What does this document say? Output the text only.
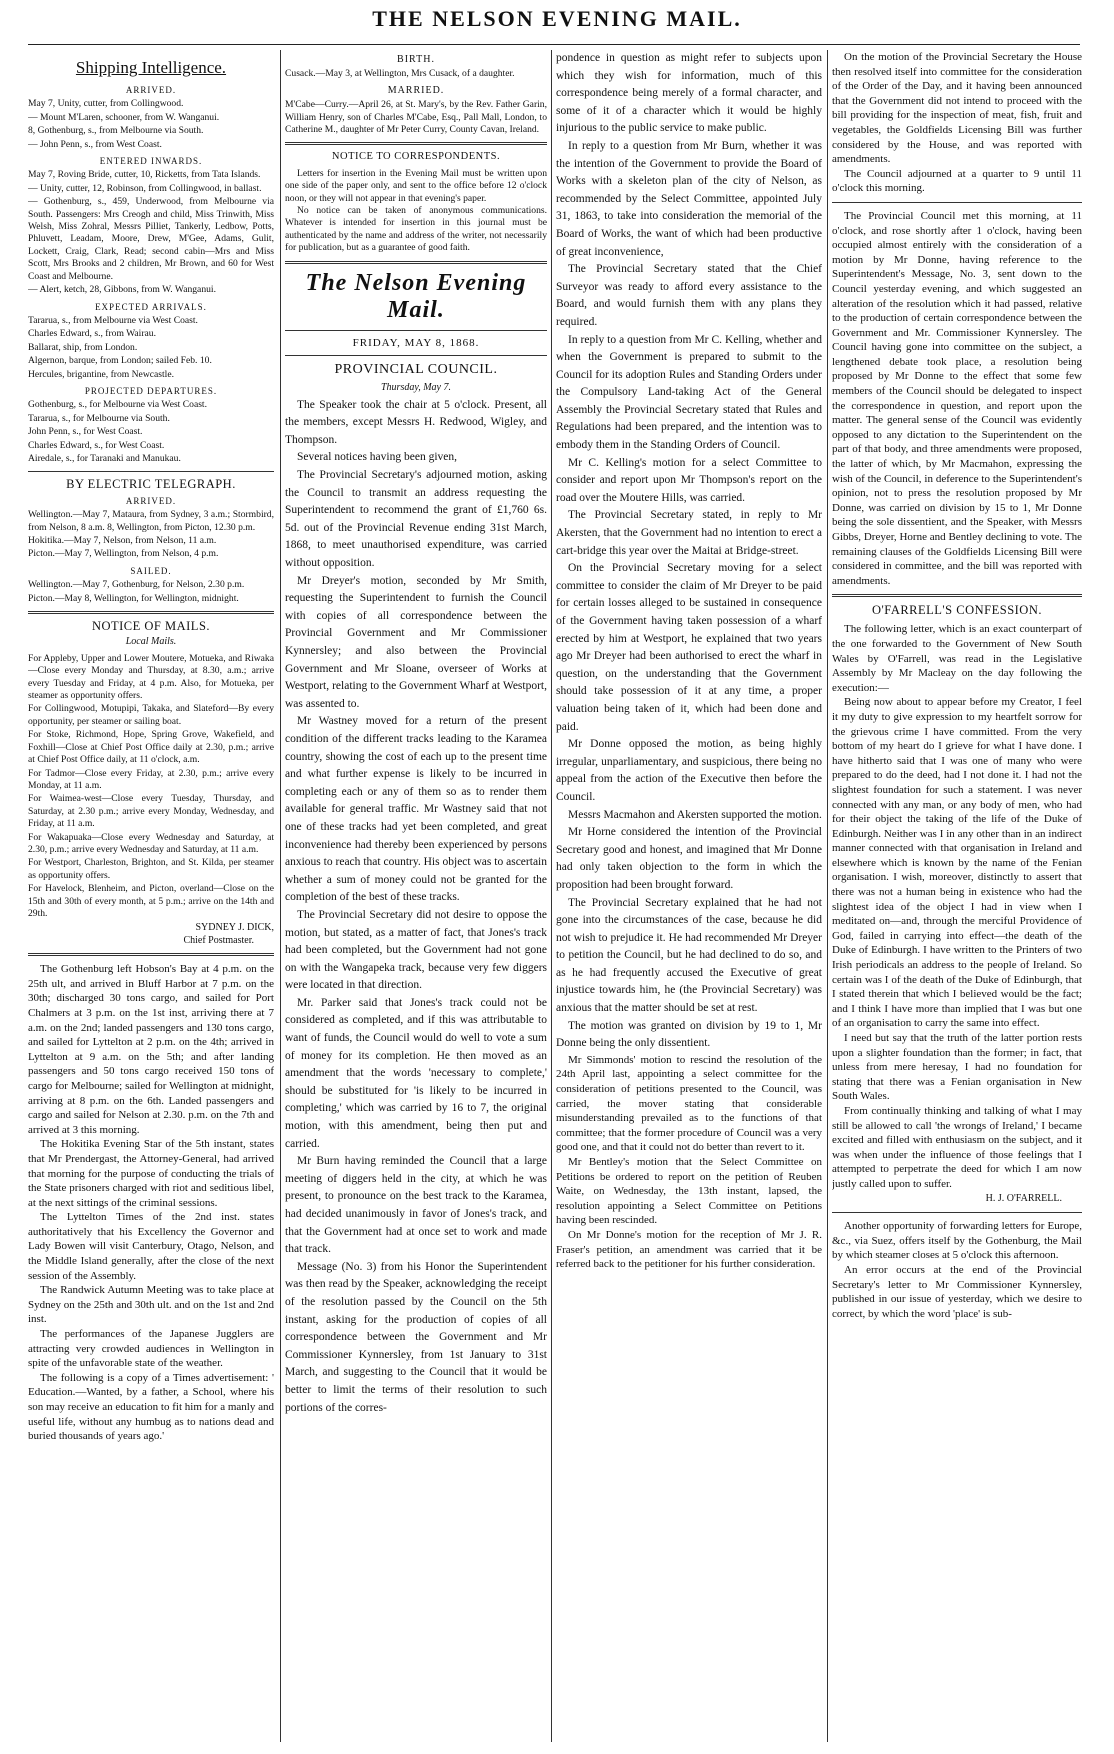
THE NELSON EVENING MAIL.
Shipping Intelligence.
ARRIVED.

May 7, Unity, cutter, from Collingwood.

— Mount M'Laren, schooner, from W. Wanganui.

8, Gothenburg, s., from Melbourne via South.

— John Penn, s., from West Coast.

ENTERED INWARDS.

May 7, Roving Bride, cutter, 10, Ricketts, from Tata Islands.

— Unity, cutter, 12, Robinson, from Collingwood, in ballast.

— Gothenburg, s., 459, Underwood, from Melbourne via South. Passengers: Mrs Creogh and child, Miss Trinwith, Miss Welsh, Miss Zohral, Messrs Pilliet, Tankerly, Ledbow, Potts, Phluvett, Leadam, Moore, Drew, M'Gee, Adams, Gulit, Lockett, Craig, Clark, Read; second cabin—Mrs and Miss Scott, Mrs Brooks and 2 children, Mr Brown, and 60 for West Coast and Melbourne.

— Alert, ketch, 28, Gibbons, from W. Wanganui.

EXPECTED ARRIVALS.

Tararua, s., from Melbourne via West Coast.

Charles Edward, s., from Wairau.

Ballarat, ship, from London.

Algernon, barque, from London; sailed Feb. 10.

Hercules, brigantine, from Newcastle.

PROJECTED DEPARTURES.

Gothenburg, s., for Melbourne via West Coast.

Tararua, s., for Melbourne via South.

John Penn, s., for West Coast.

Charles Edward, s., for West Coast.

Airedale, s., for Taranaki and Manukau.

BY ELECTRIC TELEGRAPH.
ARRIVED.

Wellington.—May 7, Mataura, from Sydney, 3 a.m.; Stormbird, from Nelson, 8 a.m. 8, Wellington, from Picton, 12.30 p.m.

Hokitika.—May 7, Nelson, from Nelson, 11 a.m.

Picton.—May 7, Wellington, from Nelson, 4 p.m.

SAILED.

Wellington.—May 7, Gothenburg, for Nelson, 2.30 p.m.

Picton.—May 8, Wellington, for Wellington, midnight.

NOTICE OF MAILS.
Local Mails.

For Appleby, Upper and Lower Moutere, Motueka, and Riwaka—Close every Monday and Thursday, at 8.30, a.m.; arrive every Tuesday and Friday, at 4 p.m. Also, for Motueka, per steamer as opportunity offers.

For Collingwood, Motupipi, Takaka, and Slateford—By every opportunity, per steamer or sailing boat.

For Stoke, Richmond, Hope, Spring Grove, Wakefield, and Foxhill—Close at Chief Post Office daily at 2.30, p.m.; arrive at Chief Post Office daily, at 11 o'clock, a.m.

For Tadmor—Close every Friday, at 2.30, p.m.; arrive every Monday, at 11 a.m.

For Waimea-west—Close every Tuesday, Thursday, and Saturday, at 2.30 p.m.; arrive every Monday, Wednesday, and Friday, at 11 a.m.

For Wakapuaka—Close every Wednesday and Saturday, at 2.30, p.m.; arrive every Wednesday and Saturday, at 11 a.m.

For Westport, Charleston, Brighton, and St. Kilda, per steamer as opportunity offers.

For Havelock, Blenheim, and Picton, overland—Close on the 15th and 30th of every month, at 5 p.m.; arrive on the 14th and 29th.

SYDNEY J. DICK,
Chief Postmaster.

The Gothenburg left Hobson's Bay at 4 p.m. on the 25th ult, and arrived in Bluff Harbor at 7 p.m. on the 30th; discharged 30 tons cargo, and sailed for Port Chalmers at 3 p.m. on the 1st inst, arriving there at 7 a.m. on the 2nd; landed passengers and 130 tons cargo, and sailed for Lyttelton at 2 p.m. on the 4th; arrived in Lyttelton at 9 a.m. on the 5th; and after landing passengers and 50 tons cargo received 150 tons of cargo for Melbourne; sailed for Wellington at midnight, arriving at 8 p.m. on the 6th. Landed passengers and cargo and sailed for Nelson at 2.30. p.m. on the 7th and arrived at 3 this morning.

The Hokitika Evening Star of the 5th instant, states that Mr Prendergast, the Attorney-General, had arrived that morning for the purpose of conducting the trials of the State prisoners charged with riot and seditious libel, at the next sittings of the criminal sessions.

The Lyttelton Times of the 2nd inst. states authoritatively that his Excellency the Governor and Lady Bowen will visit Canterbury, Otago, Nelson, and the Middle Island generally, after the close of the next session of the Assembly.

The Randwick Autumn Meeting was to take place at Sydney on the 25th and 30th ult. and on the 1st and 2nd inst.

The performances of the Japanese Jugglers are attracting very crowded audiences in Wellington in spite of the unfavorable state of the weather.

The following is a copy of a Times advertisement: ' Education.—Wanted, by a father, a School, where his son may receive an education to fit him for a manly and useful life, without any humbug as to nations dead and buried thousands of years ago.'

BIRTH.

Cusack.—May 3, at Wellington, Mrs Cusack, of a daughter.

MARRIED.

M'Cabe—Curry.—April 26, at St. Mary's, by the Rev. Father Garin, William Henry, son of Charles M'Cabe, Esq., Pall Mall, London, to Catherine M., daughter of Mr Peter Curry, County Cavan, Ireland.

NOTICE TO CORRESPONDENTS.

Letters for insertion in the Evening Mail must be written upon one side of the paper only, and sent to the office before 12 o'clock noon, or they will not appear in that evening's paper.

No notice can be taken of anonymous communications. Whatever is intended for insertion in this journal must be authenticated by the name and address of the writer, not necessarily for publication, but as a guarantee of good faith.

The Nelson Evening Mail.
FRIDAY, MAY 8, 1868.
PROVINCIAL COUNCIL.
Thursday, May 7.

The Speaker took the chair at 5 o'clock. Present, all the members, except Messrs H. Redwood, Wigley, and Thompson.

Several notices having been given,

The Provincial Secretary's adjourned motion, asking the Council to transmit an address requesting the Superintendent to recommend the grant of £1,760 6s. 5d. out of the Provincial Revenue ending 31st March, 1868, to meet unauthorised expenditure, was carried without opposition.

Mr Dreyer's motion, seconded by Mr Smith, requesting the Superintendent to furnish the Council with copies of all correspondence between the Provincial Government and Mr Commissioner Kynnersley; and also between the Provincial Government and Mr Sloane, overseer of Works at Westport, relating to the Government Wharf at Westport, was assented to.

Mr Wastney moved for a return of the present condition of the different tracks leading to the Karamea country, showing the cost of each up to the present time and what further expense is likely to be incurred in completing each or any of them so as to render them available for general traffic. Mr Wastney said that not one of these tracks had yet been completed, and great inconvenience had thereby been experienced by persons anxious to reach that country. His object was to ascertain whether a sum of money could not be granted for the completion of the best of these tracks.

The Provincial Secretary did not desire to oppose the motion, but stated, as a matter of fact, that Jones's track had been completed, but the Government had not gone on with the Wangapeka track, because very few diggers were located in that direction.

Mr. Parker said that Jones's track could not be considered as completed, and if this was attributable to want of funds, the Council would do well to vote a sum of money for its completion. He then moved as an amendment that the words 'necessary to complete,' should be substituted for 'is likely to be incurred in completing,' which was carried by 16 to 7, the original motion, with this amendment, being then put and carried.

Mr Burn having reminded the Council that a large meeting of diggers held in the city, at which he was present, to pronounce on the best track to the Karamea, had decided unanimously in favor of Jones's track, and that the Government had at once set to work and made that track.

Message (No. 3) from his Honor the Superintendent was then read by the Speaker, acknowledging the receipt of the resolution passed by the Council on the 5th instant, asking for the production of copies of all correspondence between the Government and Mr Commissioner Kynnersley, from 1st January to 31st March, and suggesting to the Council that it would be better to limit the terms of their resolution to such portions of the corres-

pondence in question as might refer to subjects upon which they wish for information, much of this correspondence being merely of a formal character, and some of it of a character which it would be highly injurious to the public service to make public.

In reply to a question from Mr Burn, whether it was the intention of the Government to provide the Board of Works with a skeleton plan of the city of Nelson, as recommended by the Select Committee, appointed July 31, 1863, to take into consideration the memorial of the Board of Works, the want of which had been productive of great inconvenience,

The Provincial Secretary stated that the Chief Surveyor was ready to afford every assistance to the Board, and would furnish them with any plans they required.

In reply to a question from Mr C. Kelling, whether and when the Government is prepared to submit to the Council for its adoption Rules and Standing Orders under the Compulsory Land-taking Act of the General Assembly the Provincial Secretary stated that Rules and Regulations had been prepared, and the intention was to embody them in the Standing Orders of Council.

Mr C. Kelling's motion for a select Committee to consider and report upon Mr Thompson's report on the road over the Moutere Hills, was carried.

The Provincial Secretary stated, in reply to Mr Akersten, that the Government had no intention to erect a cart-bridge this year over the Maitai at Bridge-street.

On the Provincial Secretary moving for a select committee to consider the claim of Mr Dreyer to be paid for certain losses alleged to be sustained in consequence of the Government having taken possession of a wharf erected by him at Westport, he explained that two years ago Mr Dreyer had been authorised to erect the wharf in question, on the understanding that the Government should take possession of it at any time, a proper valuation being taken of it, which had been done and paid.

Mr Donne opposed the motion, as being highly irregular, unparliamentary, and suspicious, there being no appeal from the action of the Executive then before the Council.

Messrs Macmahon and Akersten supported the motion.

Mr Horne considered the intention of the Provincial Secretary good and honest, and imagined that Mr Donne had only taken objection to the form in which the proposition had been brought forward.

The Provincial Secretary explained that he had not gone into the circumstances of the case, because he did not wish to prejudice it. He had recommended Mr Dreyer to petition the Council, but he had declined to do so, and as he had frequently accused the Executive of great injustice towards him, he (the Provincial Secretary) was anxious that the matter should be set at rest.

The motion was granted on division by 19 to 1, Mr Donne being the only dissentient.

Mr Simmonds' motion to rescind the resolution of the 24th April last, appointing a select committee for the consideration of petitions presented to the Council, was carried, the mover stating that considerable misunderstanding prevailed as to the functions of that committee; that the former procedure of Council was a very good one, and that it could not do better than revert to it.

Mr Bentley's motion that the Select Committee on Petitions be ordered to report on the petition of Reuben Waite, on Wednesday, the 13th instant, lapsed, the resolution appointing a Select Committee on Petitions having been rescinded.

On Mr Donne's motion for the reception of Mr J. R. Fraser's petition, an amendment was carried that it be referred back to the petitioner for his further consideration.

On the motion of the Provincial Secretary the House then resolved itself into committee for the consideration of the Order of the Day, and it having been announced that the Government did not intend to proceed with the bill providing for the inspection of meat, fish, fruit and vegetables, the Goldfields Licensing Bill was further considered by the House, and was reported with amendments.

The Council adjourned at a quarter to 9 until 11 o'clock this morning.

The Provincial Council met this morning, at 11 o'clock, and rose shortly after 1 o'clock, having been occupied almost entirely with the consideration of a motion by Mr Donne, having reference to the Superintendent's Message, No. 3, sent down to the Council yesterday evening, and which suggested an alteration of the resolution which it had passed, relative to the production of certain correspondence between the Government and Mr. Commissioner Kynnersley. The Council having gone into committee on the subject, a lengthened debate took place, a resolution being proposed by Mr Donne to the effect that some few members of the Council should be delegated to inspect the correspondence in question, and report upon the matter. The general sense of the Council was evidently opposed to any dictation to the Superintendent on the part of that body, and three amendments were proposed, the latter of which, by Mr Macmahon, expressing the wish of the Council, in deference to the Superintendent's opinion, not to press the resolution proposed by Mr Donne, was carried on division by 15 to 1, Mr Donne being the sole dissentient, and the Speaker, with Messrs Gibbs, Dreyer, Horne and Bentley declining to vote. The remaining clauses of the Goldfields Licensing Bill were considered in committee, and the bill was reported with amendments.

O'FARRELL'S CONFESSION.

The following letter, which is an exact counterpart of the one forwarded to the Government of New South Wales by O'Farrell, was read in the Legislative Assembly by Mr Macleay on the day following the execution:—

Being now about to appear before my Creator, I feel it my duty to give expression to my heartfelt sorrow for the grievous crime I have committed. From the very bottom of my heart do I grieve for what I have done. I have hitherto said that I was one of many who were prepared to do the deed, had I not done it. I had not the slightest foundation for such a statement. I was never connected with any man, or any body of men, who had for their object the taking of the life of the Duke of Edinburgh. Neither was I in any other than in an indirect manner connected with that organisation in Ireland and elsewhere which is known by the name of the Fenian organisation. I wish, moreover, distinctly to assert that there was not a human being in existence who had the slightest idea of the object I had in view when I meditated on—and, through the merciful Providence of God, failed in carrying into effect—the death of the Duke of Edinburgh. I have written to the Printers of two Irish periodicals an address to the people of Ireland. So certain was I of the death of the Duke of Edinburgh, that I stated therein that which I believed would be the fact; and I think I have more than implied that I was but one of an organisation to carry the same into effect.

I need but say that the truth of the latter portion rests upon a slighter foundation than the former; in fact, that unless from mere heresay, I had no foundation for stating that there was a Fenian organisation in New South Wales.

From continually thinking and talking of what I may still be allowed to call 'the wrongs of Ireland,' I became excited and filled with enthusiasm on the subject, and it was when under the influence of those feelings that I attempted to perpetrate the deed for which I am now justly called upon to suffer.

H. J. O'FARRELL.

Another opportunity of forwarding letters for Europe, &c., via Suez, offers itself by the Gothenburg, the Mail by which steamer closes at 5 o'clock this afternoon.

An error occurs at the end of the Provincial Secretary's letter to Mr Commissioner Kynnersley, published in our issue of yesterday, which we desire to correct, by which the word 'place' is sub-
